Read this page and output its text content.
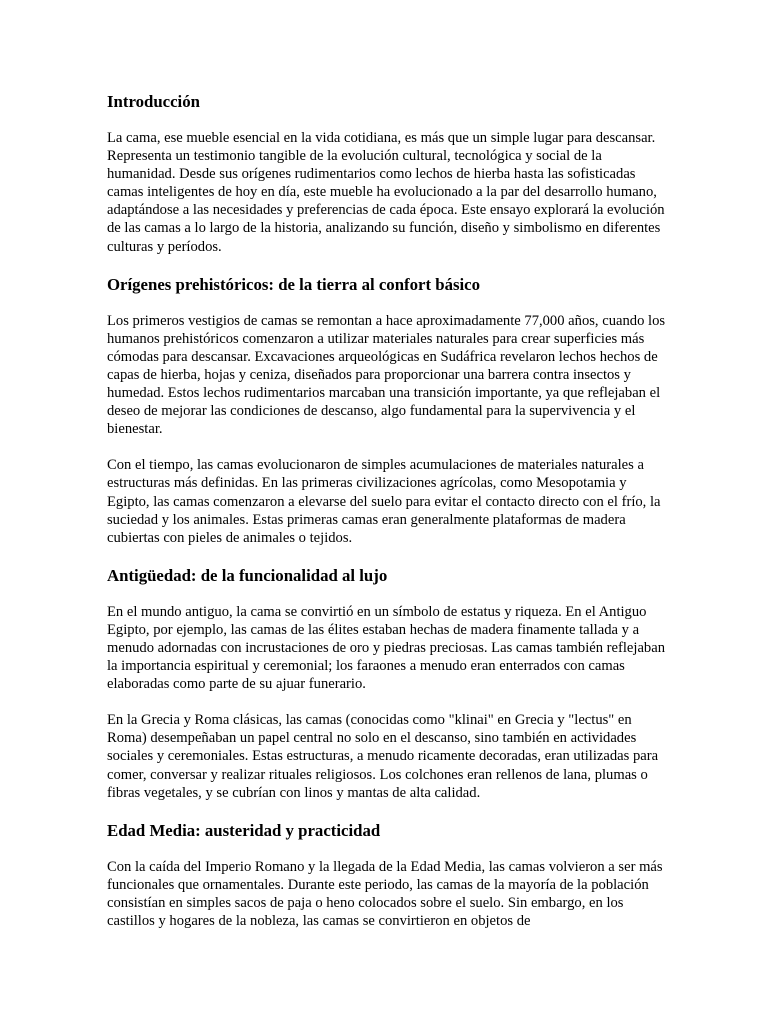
Introducción

La cama, ese mueble esencial en la vida cotidiana, es más que un simple lugar para descansar. Representa un testimonio tangible de la evolución cultural, tecnológica y social de la humanidad. Desde sus orígenes rudimentarios como lechos de hierba hasta las sofisticadas camas inteligentes de hoy en día, este mueble ha evolucionado a la par del desarrollo humano, adaptándose a las necesidades y preferencias de cada época. Este ensayo explorará la evolución de las camas a lo largo de la historia, analizando su función, diseño y simbolismo en diferentes culturas y períodos.

Orígenes prehistóricos: de la tierra al confort básico

Los primeros vestigios de camas se remontan a hace aproximadamente 77,000 años, cuando los humanos prehistóricos comenzaron a utilizar materiales naturales para crear superficies más cómodas para descansar. Excavaciones arqueológicas en Sudáfrica revelaron lechos hechos de capas de hierba, hojas y ceniza, diseñados para proporcionar una barrera contra insectos y humedad. Estos lechos rudimentarios marcaban una transición importante, ya que reflejaban el deseo de mejorar las condiciones de descanso, algo fundamental para la supervivencia y el bienestar.

Con el tiempo, las camas evolucionaron de simples acumulaciones de materiales naturales a estructuras más definidas. En las primeras civilizaciones agrícolas, como Mesopotamia y Egipto, las camas comenzaron a elevarse del suelo para evitar el contacto directo con el frío, la suciedad y los animales. Estas primeras camas eran generalmente plataformas de madera cubiertas con pieles de animales o tejidos.

Antigüedad: de la funcionalidad al lujo

En el mundo antiguo, la cama se convirtió en un símbolo de estatus y riqueza. En el Antiguo Egipto, por ejemplo, las camas de las élites estaban hechas de madera finamente tallada y a menudo adornadas con incrustaciones de oro y piedras preciosas. Las camas también reflejaban la importancia espiritual y ceremonial; los faraones a menudo eran enterrados con camas elaboradas como parte de su ajuar funerario.

En la Grecia y Roma clásicas, las camas (conocidas como "klinai" en Grecia y "lectus" en Roma) desempeñaban un papel central no solo en el descanso, sino también en actividades sociales y ceremoniales. Estas estructuras, a menudo ricamente decoradas, eran utilizadas para comer, conversar y realizar rituales religiosos. Los colchones eran rellenos de lana, plumas o fibras vegetales, y se cubrían con linos y mantas de alta calidad.

Edad Media: austeridad y practicidad

Con la caída del Imperio Romano y la llegada de la Edad Media, las camas volvieron a ser más funcionales que ornamentales. Durante este periodo, las camas de la mayoría de la población consistían en simples sacos de paja o heno colocados sobre el suelo. Sin embargo, en los castillos y hogares de la nobleza, las camas se convirtieron en objetos de
